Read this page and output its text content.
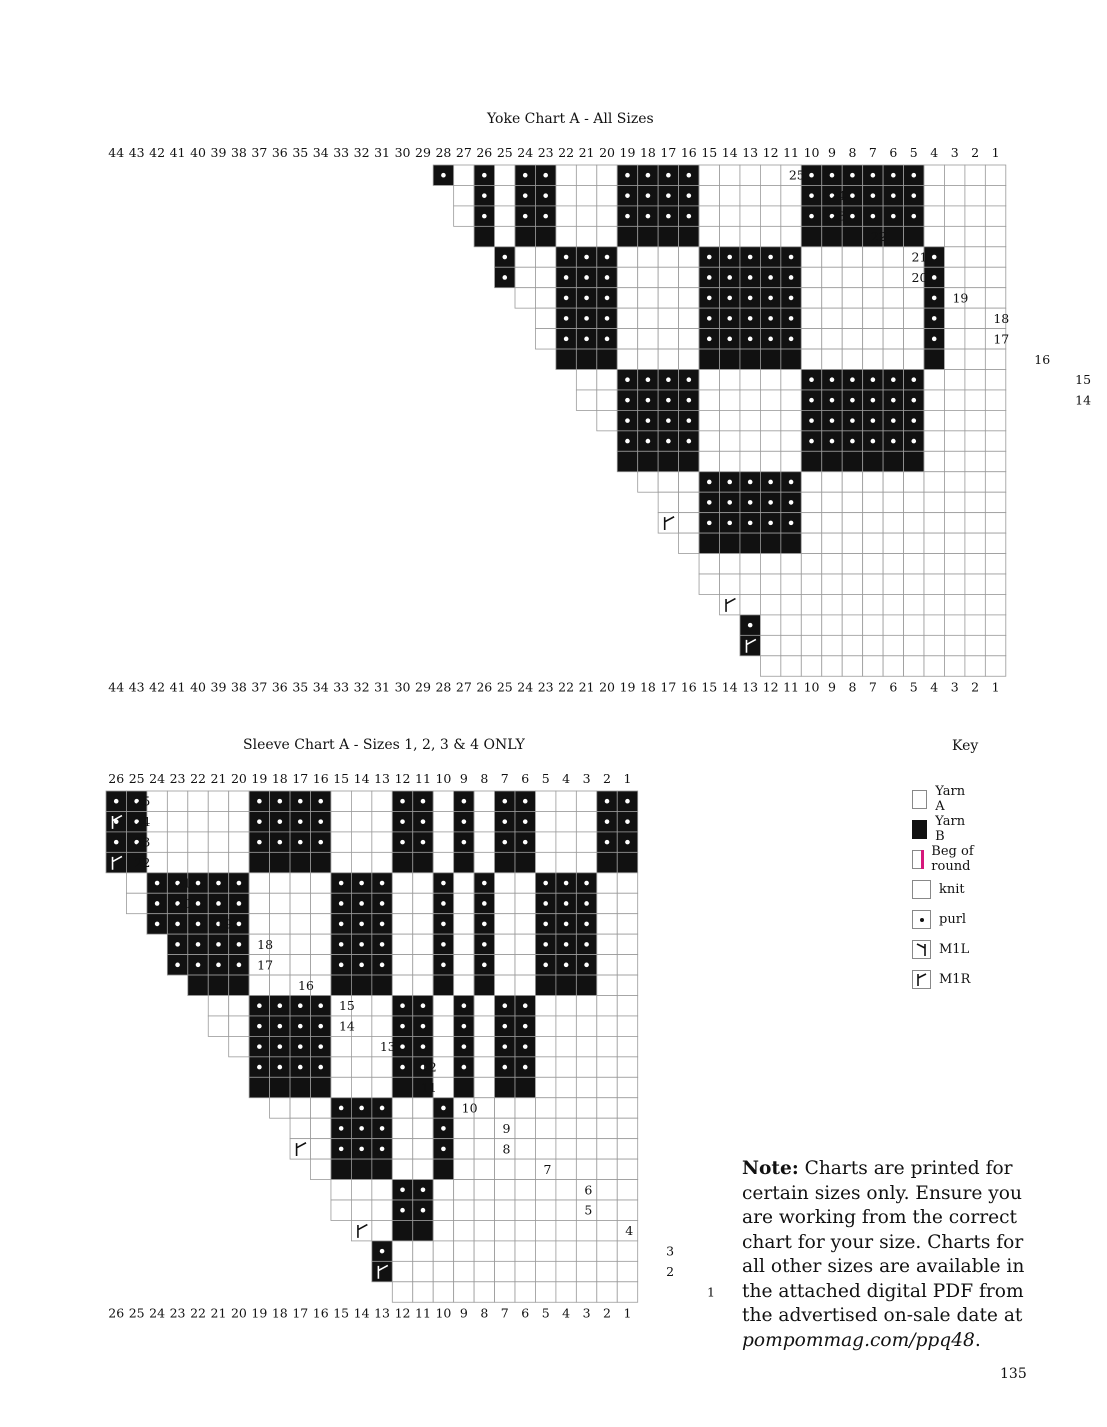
Yoke Chart A - All Sizes
Sleeve Chart A - Sizes 1, 2, 3 & 4 ONLY
25
24
23
22
21
20
19
18
17
16
15
14
44
44
43
43
42
42
41
41
40
40
39
39
38
38
37
37
36
36
35
35
34
34
33
33
32
32
31
31
30
30
29
29
28
28
27
27
26
26
25
25
24
24
23
23
22
22
21
21
20
20
19
19
18
18
17
17
16
16
15
15
14
14
13
13
12
12
11
11
10
10
9
9
8
8
7
7
6
6
5
5
4
4
3
3
2
2
1
1
25
24
23
22
21
20
19
18
17
16
15
14
13
12
11
10
9
8
7
6
5
4
3
2
1
26
26
25
25
24
24
23
23
22
22
21
21
20
20
19
19
18
18
17
17
16
16
15
15
14
14
13
13
12
12
11
11
10
10
9
9
8
8
7
7
6
6
5
5
4
4
3
3
2
2
1
1
Key
Yarn A
Yarn B
Beg of round
knit
purl
M1L
M1R
Note: Charts are printed for certain sizes only. Ensure you are working from the correct chart for your size. Charts for all other sizes are available in the attached digital PDF from the advertised on-sale date at pompommag.com/ppq48.
135
